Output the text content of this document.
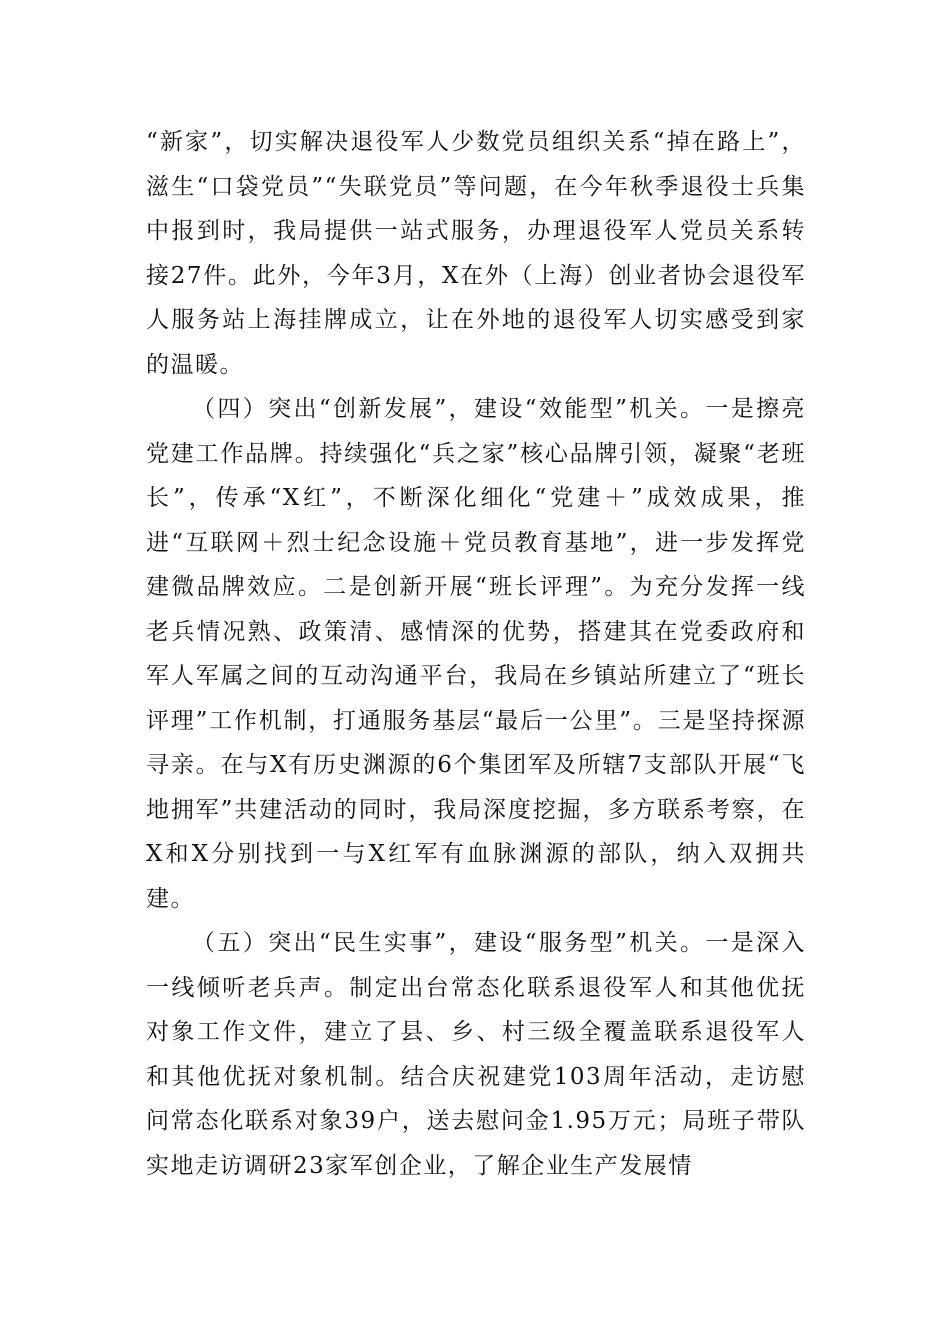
“新家”，切实解决退役军人少数党员组织关系“掉在路上”，滋生“口袋党员”“失联党员”等问题，在今年秋季退役士兵集中报到时，我局提供一站式服务，办理退役军人党员关系转接27件。此外，今年3月，X在外（上海）创业者协会退役军人服务站上海挂牌成立，让在外地的退役军人切实感受到家的温暖。

（四）突出“创新发展”，建设“效能型”机关。一是擦亮党建工作品牌。持续强化“兵之家”核心品牌引领，凝聚“老班长”，传承“X红”，不断深化细化“党建＋”成效成果，推进“互联网＋烈士纪念设施＋党员教育基地”，进一步发挥党建微品牌效应。二是创新开展“班长评理”。为充分发挥一线老兵情况熟、政策清、感情深的优势，搭建其在党委政府和军人军属之间的互动沟通平台，我局在乡镇站所建立了“班长评理”工作机制，打通服务基层“最后一公里”。三是坚持探源寻亲。在与X有历史渊源的6个集团军及所辖7支部队开展“飞地拥军”共建活动的同时，我局深度挖掘，多方联系考察，在X和X分别找到一与X红军有血脉渊源的部队，纳入双拥共建。

（五）突出“民生实事”，建设“服务型”机关。一是深入一线倾听老兵声。制定出台常态化联系退役军人和其他优抚对象工作文件，建立了县、乡、村三级全覆盖联系退役军人和其他优抚对象机制。结合庆祝建党103周年活动，走访慰问常态化联系对象39户，送去慰问金1.95万元；局班子带队实地走访调研23家军创企业，了解企业生产发展情
